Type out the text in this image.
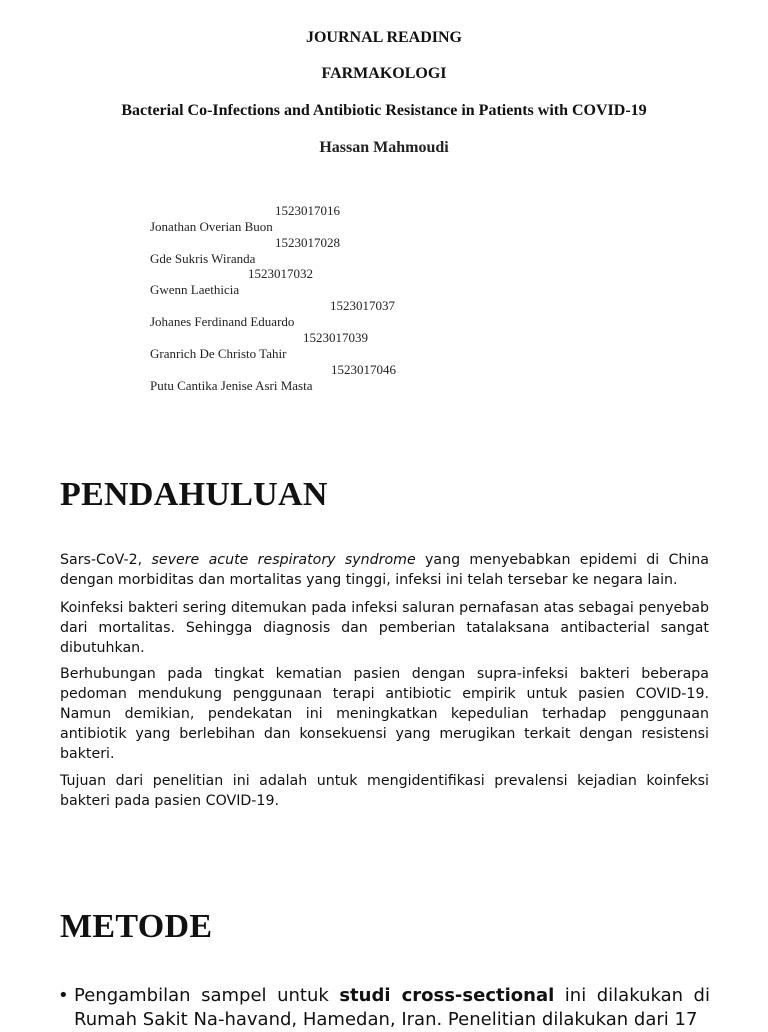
JOURNAL READING
FARMAKOLOGI
Bacterial Co-Infections and Antibiotic Resistance in Patients with COVID-19
Hassan Mahmoudi

Jonathan Overian Buon

1523017016

Gde Sukris Wiranda

1523017028

Gwenn Laethicia

1523017032

Johanes Ferdinand Eduardo

1523017037

Granrich De Christo Tahir

1523017039

Putu Cantika Jenise Asri Masta

1523017046

PENDAHULUAN

Sars-CoV-2, severe acute respiratory syndrome yang menyebabkan epidemi di China dengan morbiditas dan mortalitas yang tinggi, infeksi ini telah tersebar ke negara lain.

Koinfeksi bakteri sering ditemukan pada infeksi saluran pernafasan atas sebagai penyebab dari mortalitas. Sehingga diagnosis dan pemberian tatalaksana antibacterial sangat dibutuhkan.

Berhubungan pada tingkat kematian pasien dengan supra-infeksi bakteri beberapa pedoman mendukung penggunaan terapi antibiotic empirik untuk pasien COVID-19. Namun demikian, pendekatan ini meningkatkan kepedulian terhadap penggunaan antibiotik yang berlebihan dan konsekuensi yang merugikan terkait dengan resistensi bakteri.

Tujuan dari penelitian ini adalah untuk mengidentifikasi prevalensi kejadian koinfeksi bakteri pada pasien COVID-19.

METODE
• Pengambilan sampel untuk studi cross-sectional ini dilakukan di Rumah Sakit Na-havand, Hamedan, Iran. Penelitian dilakukan dari 17
